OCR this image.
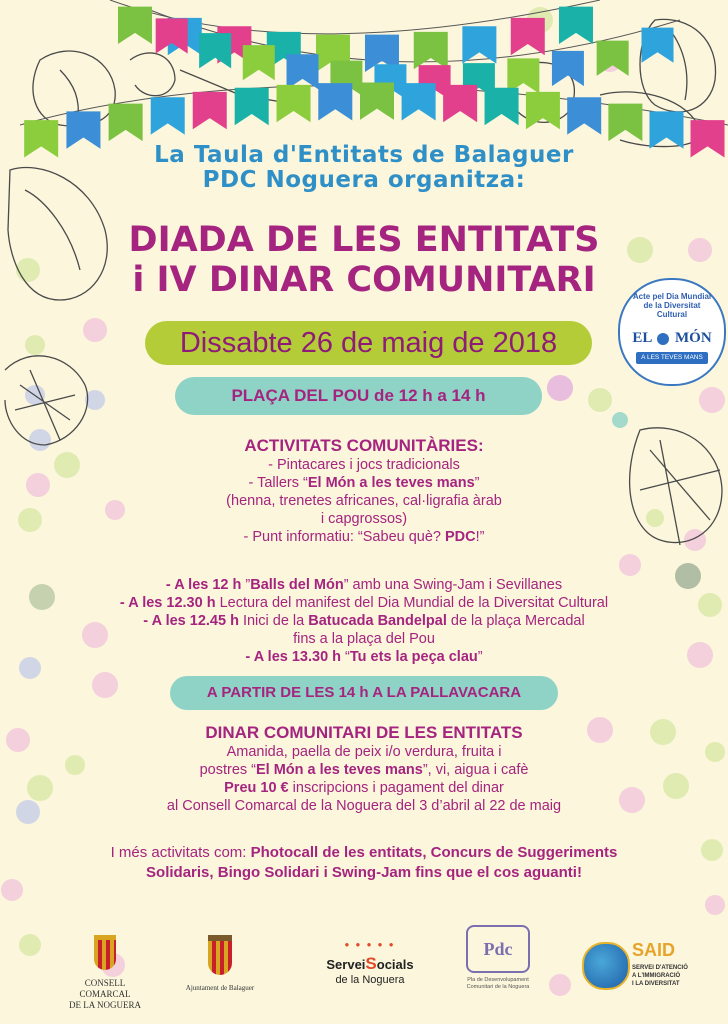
La Taula d'Entitats de Balaguer
PDC Noguera organitza:
DIADA DE LES ENTITATS
i IV DINAR COMUNITARI
Dissabte 26 de maig de 2018
Acte pel Dia Mundial
de la Diversitat Cultural
EL MÓN
A LES TEVES MANS
PLAÇA DEL POU de 12 h a 14 h
ACTIVITATS COMUNITÀRIES:
- Pintacares i jocs tradicionals
- Tallers “El Món a les teves mans”
(henna, trenetes africanes, cal·ligrafia àrab
i capgrossos)
- Punt informatiu: “Sabeu què? PDC!”
- A les 12 h ”Balls del Món” amb una Swing-Jam i Sevillanes
- A les 12.30 h Lectura del manifest del Dia Mundial de la Diversitat Cultural
- A les 12.45 h Inici de la Batucada Bandelpal de la plaça Mercadal
fins a la plaça del Pou
- A les 13.30 h “Tu ets la peça clau”
A PARTIR DE LES 14 h A LA PALLAVACARA
DINAR COMUNITARI DE LES ENTITATS
Amanida, paella de peix i/o verdura, fruita i
postres “El Món a les teves mans”, vi, aigua i cafè
Preu 10 € inscripcions i pagament del dinar
al Consell Comarcal de la Noguera del 3 d’abril al 22 de maig
I més activitats com: Photocall de les entitats, Concurs de Suggeriments
Solidaris, Bingo Solidari i Swing-Jam fins que el cos aguanti!
CONSELL COMARCAL
DE LA NOGUERA
Ajuntament de Balaguer
● ● ● ● ●
ServeiSocials
de la Noguera
Pdc
Pla de Desenvolupament
Comunitari de la Noguera
SAID
SERVEI D'ATENCIÓ
A L'IMMIGRACIÓ
I LA DIVERSITAT
